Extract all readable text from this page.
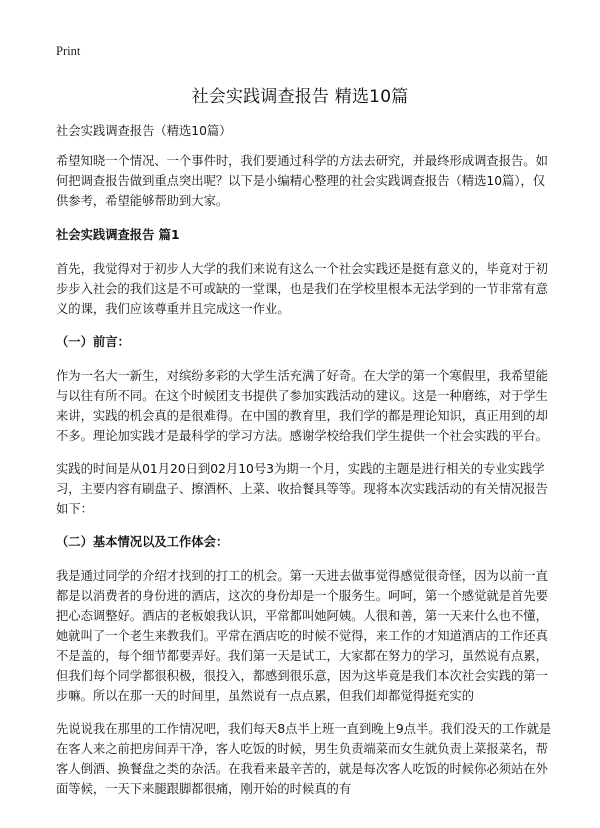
Print
社会实践调查报告 精选10篇

社会实践调查报告（精选10篇）

希望知晓一个情况、一个事件时，我们要通过科学的方法去研究，并最终形成调查报告。如何把调查报告做到重点突出呢？以下是小编精心整理的社会实践调查报告（精选10篇），仅供参考，希望能够帮助到大家。

社会实践调查报告 篇1

首先，我觉得对于初步人大学的我们来说有这么一个社会实践还是挺有意义的，毕竟对于初步步入社会的我们这是不可或缺的一堂课，也是我们在学校里根本无法学到的一节非常有意义的课，我们应该尊重并且完成这一作业。

（一）前言：

作为一名大一新生，对缤纷多彩的大学生活充满了好奇。在大学的第一个寒假里，我希望能与以往有所不同。在这个时候团支书提供了参加实践活动的建议。这是一种磨练，对于学生来讲，实践的机会真的是很难得。在中国的教育里，我们学的都是理论知识，真正用到的却不多。理论加实践才是最科学的学习方法。感谢学校给我们学生提供一个社会实践的平台。

实践的时间是从01月20日到02月10号3为期一个月，实践的主题是进行相关的专业实践学习，主要内容有刷盘子、擦酒杯、上菜、收拾餐具等等。现将本次实践活动的有关情况报告如下：

（二）基本情况以及工作体会：

我是通过同学的介绍才找到的打工的机会。第一天进去做事觉得感觉很奇怪，因为以前一直都是以消费者的身份进的酒店，这次的身份却是一个服务生。呵呵，第一个感觉就是首先要把心态调整好。酒店的老板娘我认识，平常都叫她阿姨。人很和善，第一天来什么也不懂，她就叫了一个老生来教我们。平常在酒店吃的时候不觉得，来工作的才知道酒店的工作还真不是盖的，每个细节都要弄好。我们第一天是试工，大家都在努力的学习，虽然说有点累，但我们每个同学都很积极，很投入，都感到很乐意，因为这毕竟是我们本次社会实践的第一步嘛。所以在那一天的时间里，虽然说有一点点累，但我们却都觉得挺充实的

先说说我在那里的工作情况吧，我们每天8点半上班一直到晚上9点半。我们没天的工作就是在客人来之前把房间弄干净，客人吃饭的时候，男生负责端菜而女生就负责上菜报菜名，帮客人倒酒、换餐盘之类的杂活。在我看来最辛苦的，就是每次客人吃饭的时候你必须站在外面等候，一天下来腿跟脚都很痛，刚开始的时候真的有
